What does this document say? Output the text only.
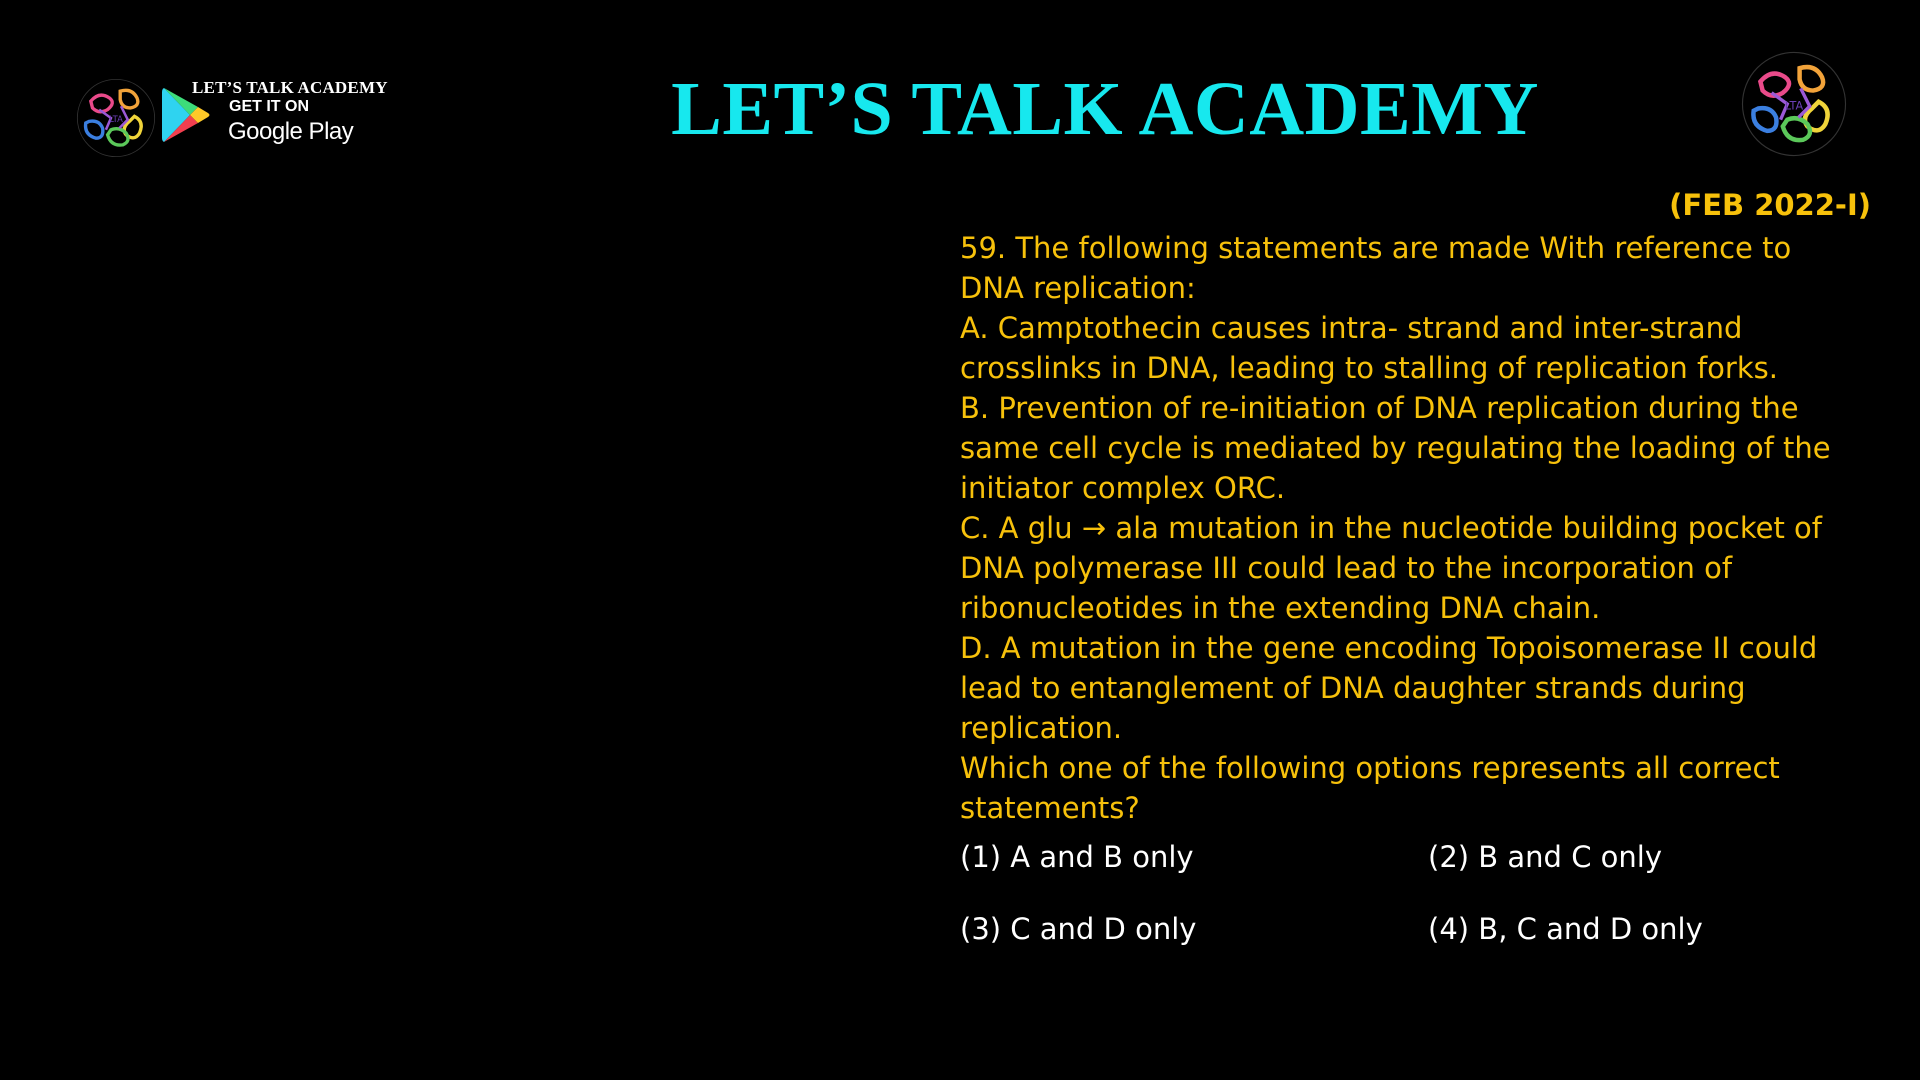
LTA
LET’S TALK ACADEMY
GET IT ON
Google Play	LET’S TALK ACADEMY	LTA
(FEB 2022-I)
59. The following statements are made With reference to
DNA replication:
A. Camptothecin causes intra- strand and inter-strand
crosslinks in DNA, leading to stalling of replication forks.
B. Prevention of re-initiation of DNA replication during the
same cell cycle is mediated by regulating the loading of the
initiator complex ORC.
C. A glu → ala mutation in the nucleotide building pocket of
DNA polymerase III could lead to the incorporation of
ribonucleotides in the extending DNA chain.
D. A mutation in the gene encoding Topoisomerase II could
lead to entanglement of DNA daughter strands during
replication.
Which one of the following options represents all correct
statements?
(1) A and B only	(2) B and C only
(3) C and D only	(4) B, C and D only
